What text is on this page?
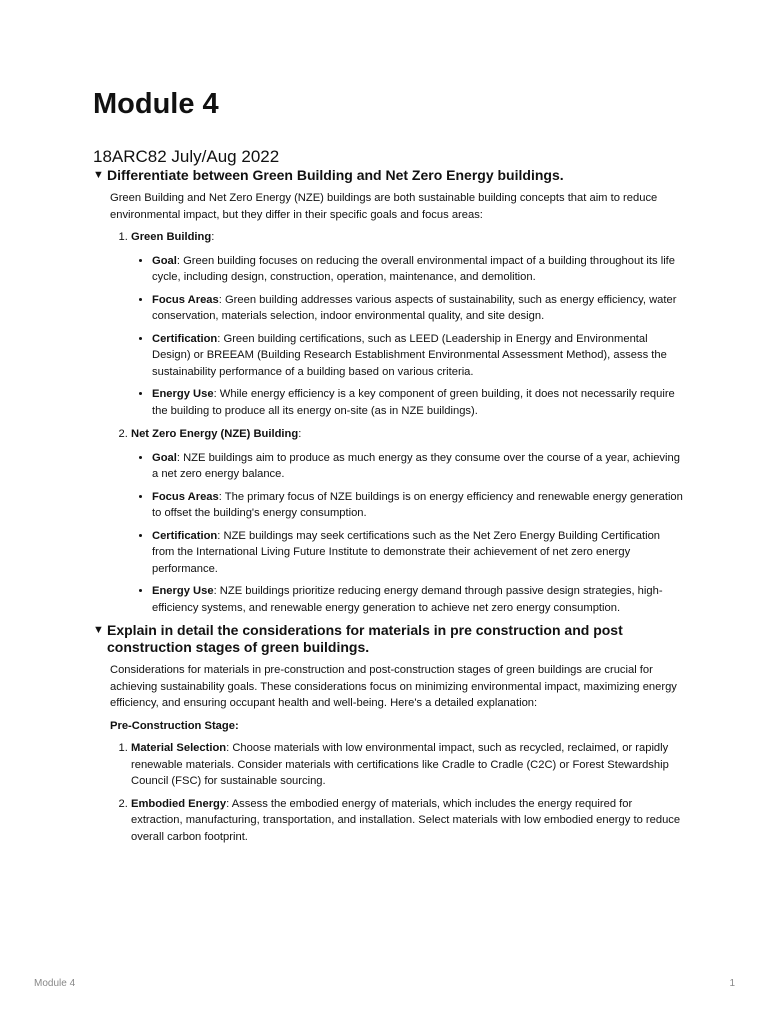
Module 4
18ARC82 July/Aug 2022
▼ Differentiate between Green Building and Net Zero Energy buildings.

Green Building and Net Zero Energy (NZE) buildings are both sustainable building concepts that aim to reduce environmental impact, but they differ in their specific goals and focus areas:

1. Green Building:
• Goal: Green building focuses on reducing the overall environmental impact of a building throughout its life cycle, including design, construction, operation, maintenance, and demolition.
• Focus Areas: Green building addresses various aspects of sustainability, such as energy efficiency, water conservation, materials selection, indoor environmental quality, and site design.
• Certification: Green building certifications, such as LEED (Leadership in Energy and Environmental Design) or BREEAM (Building Research Establishment Environmental Assessment Method), assess the sustainability performance of a building based on various criteria.
• Energy Use: While energy efficiency is a key component of green building, it does not necessarily require the building to produce all its energy on-site (as in NZE buildings).
2. Net Zero Energy (NZE) Building:
• Goal: NZE buildings aim to produce as much energy as they consume over the course of a year, achieving a net zero energy balance.
• Focus Areas: The primary focus of NZE buildings is on energy efficiency and renewable energy generation to offset the building's energy consumption.
• Certification: NZE buildings may seek certifications such as the Net Zero Energy Building Certification from the International Living Future Institute to demonstrate their achievement of net zero energy performance.
• Energy Use: NZE buildings prioritize reducing energy demand through passive design strategies, high-efficiency systems, and renewable energy generation to achieve net zero energy consumption.
▼ Explain in detail the considerations for materials in pre construction and post construction stages of green buildings.

Considerations for materials in pre-construction and post-construction stages of green buildings are crucial for achieving sustainability goals. These considerations focus on minimizing environmental impact, maximizing energy efficiency, and ensuring occupant health and well-being. Here's a detailed explanation:

Pre-Construction Stage:

1. Material Selection: Choose materials with low environmental impact, such as recycled, reclaimed, or rapidly renewable materials. Consider materials with certifications like Cradle to Cradle (C2C) or Forest Stewardship Council (FSC) for sustainable sourcing.
2. Embodied Energy: Assess the embodied energy of materials, which includes the energy required for extraction, manufacturing, transportation, and installation. Select materials with low embodied energy to reduce overall carbon footprint.
Module 4	1
